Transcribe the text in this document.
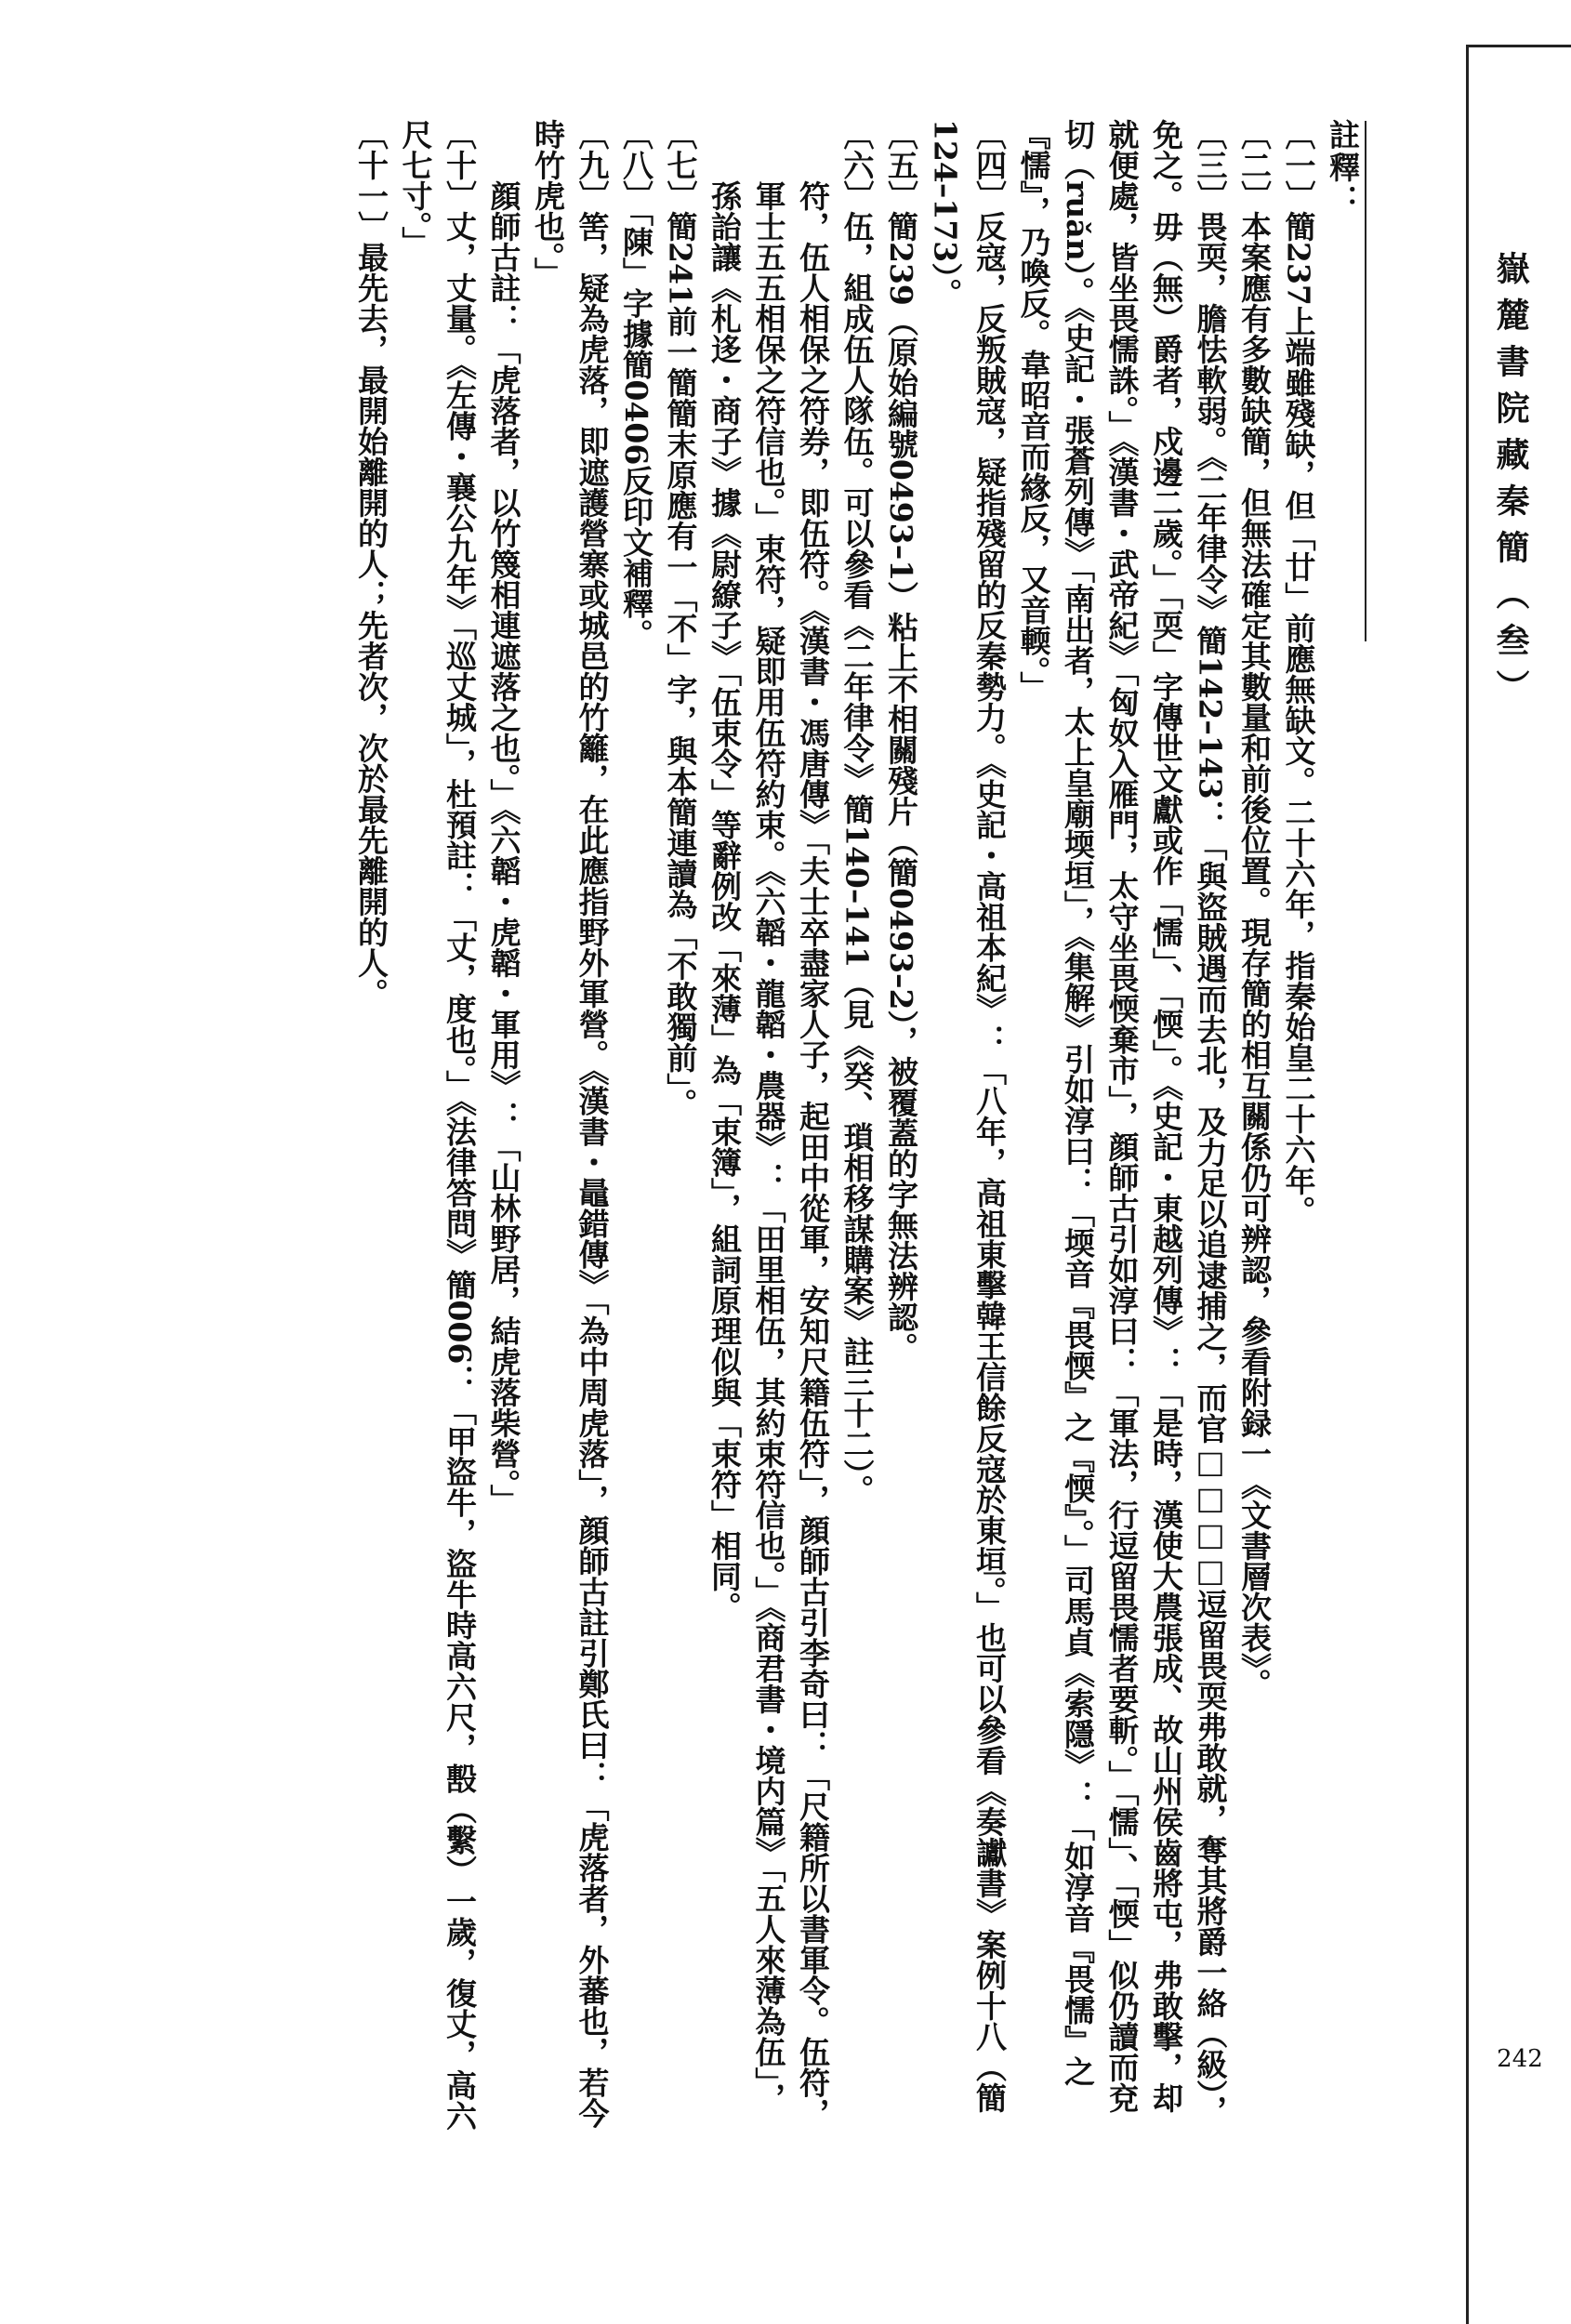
嶽麓書院藏秦簡（叁）
242
註釋：
〔一〕簡237上端雖殘缺，但「廿」前應無缺文。二十六年，指秦始皇二十六年。
〔二〕本案應有多數缺簡，但無法確定其數量和前後位置。現存簡的相互關係仍可辨認，參看附録一《文書層次表》。
〔三〕畏耎，膽怯軟弱。《二年律令》簡142–143：「與盜賊遇而去北，及力足以追逮捕之，而官□□□□逗留畏耎弗敢就，奪其將爵一絡（級），免之。毋（無）爵者，戍邊二歲。」「耎」字傳世文獻或作「懦」、「愞」。《史記・東越列傳》：「是時，漢使大農張成、故山州侯齒將屯，弗敢擊，却就便處，皆坐畏懦誅。」《漢書・武帝紀》「匈奴入雁門，太守坐畏愞棄市」，顔師古引如淳曰：「軍法，行逗留畏懦者要斬。」「懦」、「愞」似仍讀而兗切（ruǎn）。《史記・張蒼列傳》「南出者，太上皇廟堧垣」，《集解》引如淳曰：「堧音『畏愞』之『愞』。」司馬貞《索隱》：「如淳音『畏懦』之『懦』，乃喚反。韋昭音而緣反，又音輭。」
〔四〕反寇，反叛賊寇，疑指殘留的反秦勢力。《史記・高祖本紀》：「八年，高祖東擊韓王信餘反寇於東垣。」也可以參看《奏讞書》案例十八（簡124–173）。
〔五〕簡239（原始編號0493–1）粘上不相關殘片（簡0493–2），被覆蓋的字無法辨認。
〔六〕伍，組成伍人隊伍。可以參看《二年律令》簡140–141（見《癸、瑣相移謀購案》註三十二）。
符，伍人相保之符券，即伍符。《漢書・馮唐傳》「夫士卒盡家人子，起田中從軍，安知尺籍伍符」，顔師古引李奇曰：「尺籍所以書軍令。伍符，軍士五五相保之符信也。」束符，疑即用伍符約束。《六韜・龍韜・農器》：「田里相伍，其約束符信也。」《商君書・境内篇》「五人來薄為伍」，孫詒讓《札迻・商子》據《尉繚子》「伍束令」等辭例改「來薄」為「束簿」，組詞原理似與「束符」相同。
〔七〕簡241前一簡簡末原應有一「不」字，與本簡連讀為「不敢獨前」。
〔八〕「陳」字據簡0406反印文補釋。
〔九〕筈，疑為虎落，即遮護營寨或城邑的竹籬，在此應指野外軍營。《漢書・鼂錯傳》「為中周虎落」，顔師古註引鄭氏曰：「虎落者，外蕃也，若今時竹虎也。」
顔師古註：「虎落者，以竹篾相連遮落之也。」《六韜・虎韜・軍用》：「山林野居，結虎落柴營。」
〔十〕丈，丈量。《左傳・襄公九年》「巡丈城」，杜預註：「丈，度也。」《法律答問》簡006：「甲盜牛，盜牛時高六尺，毄（繫）一歲，復丈，高六尺七寸。」
〔十一〕最先去，最開始離開的人；先者次，次於最先離開的人。
